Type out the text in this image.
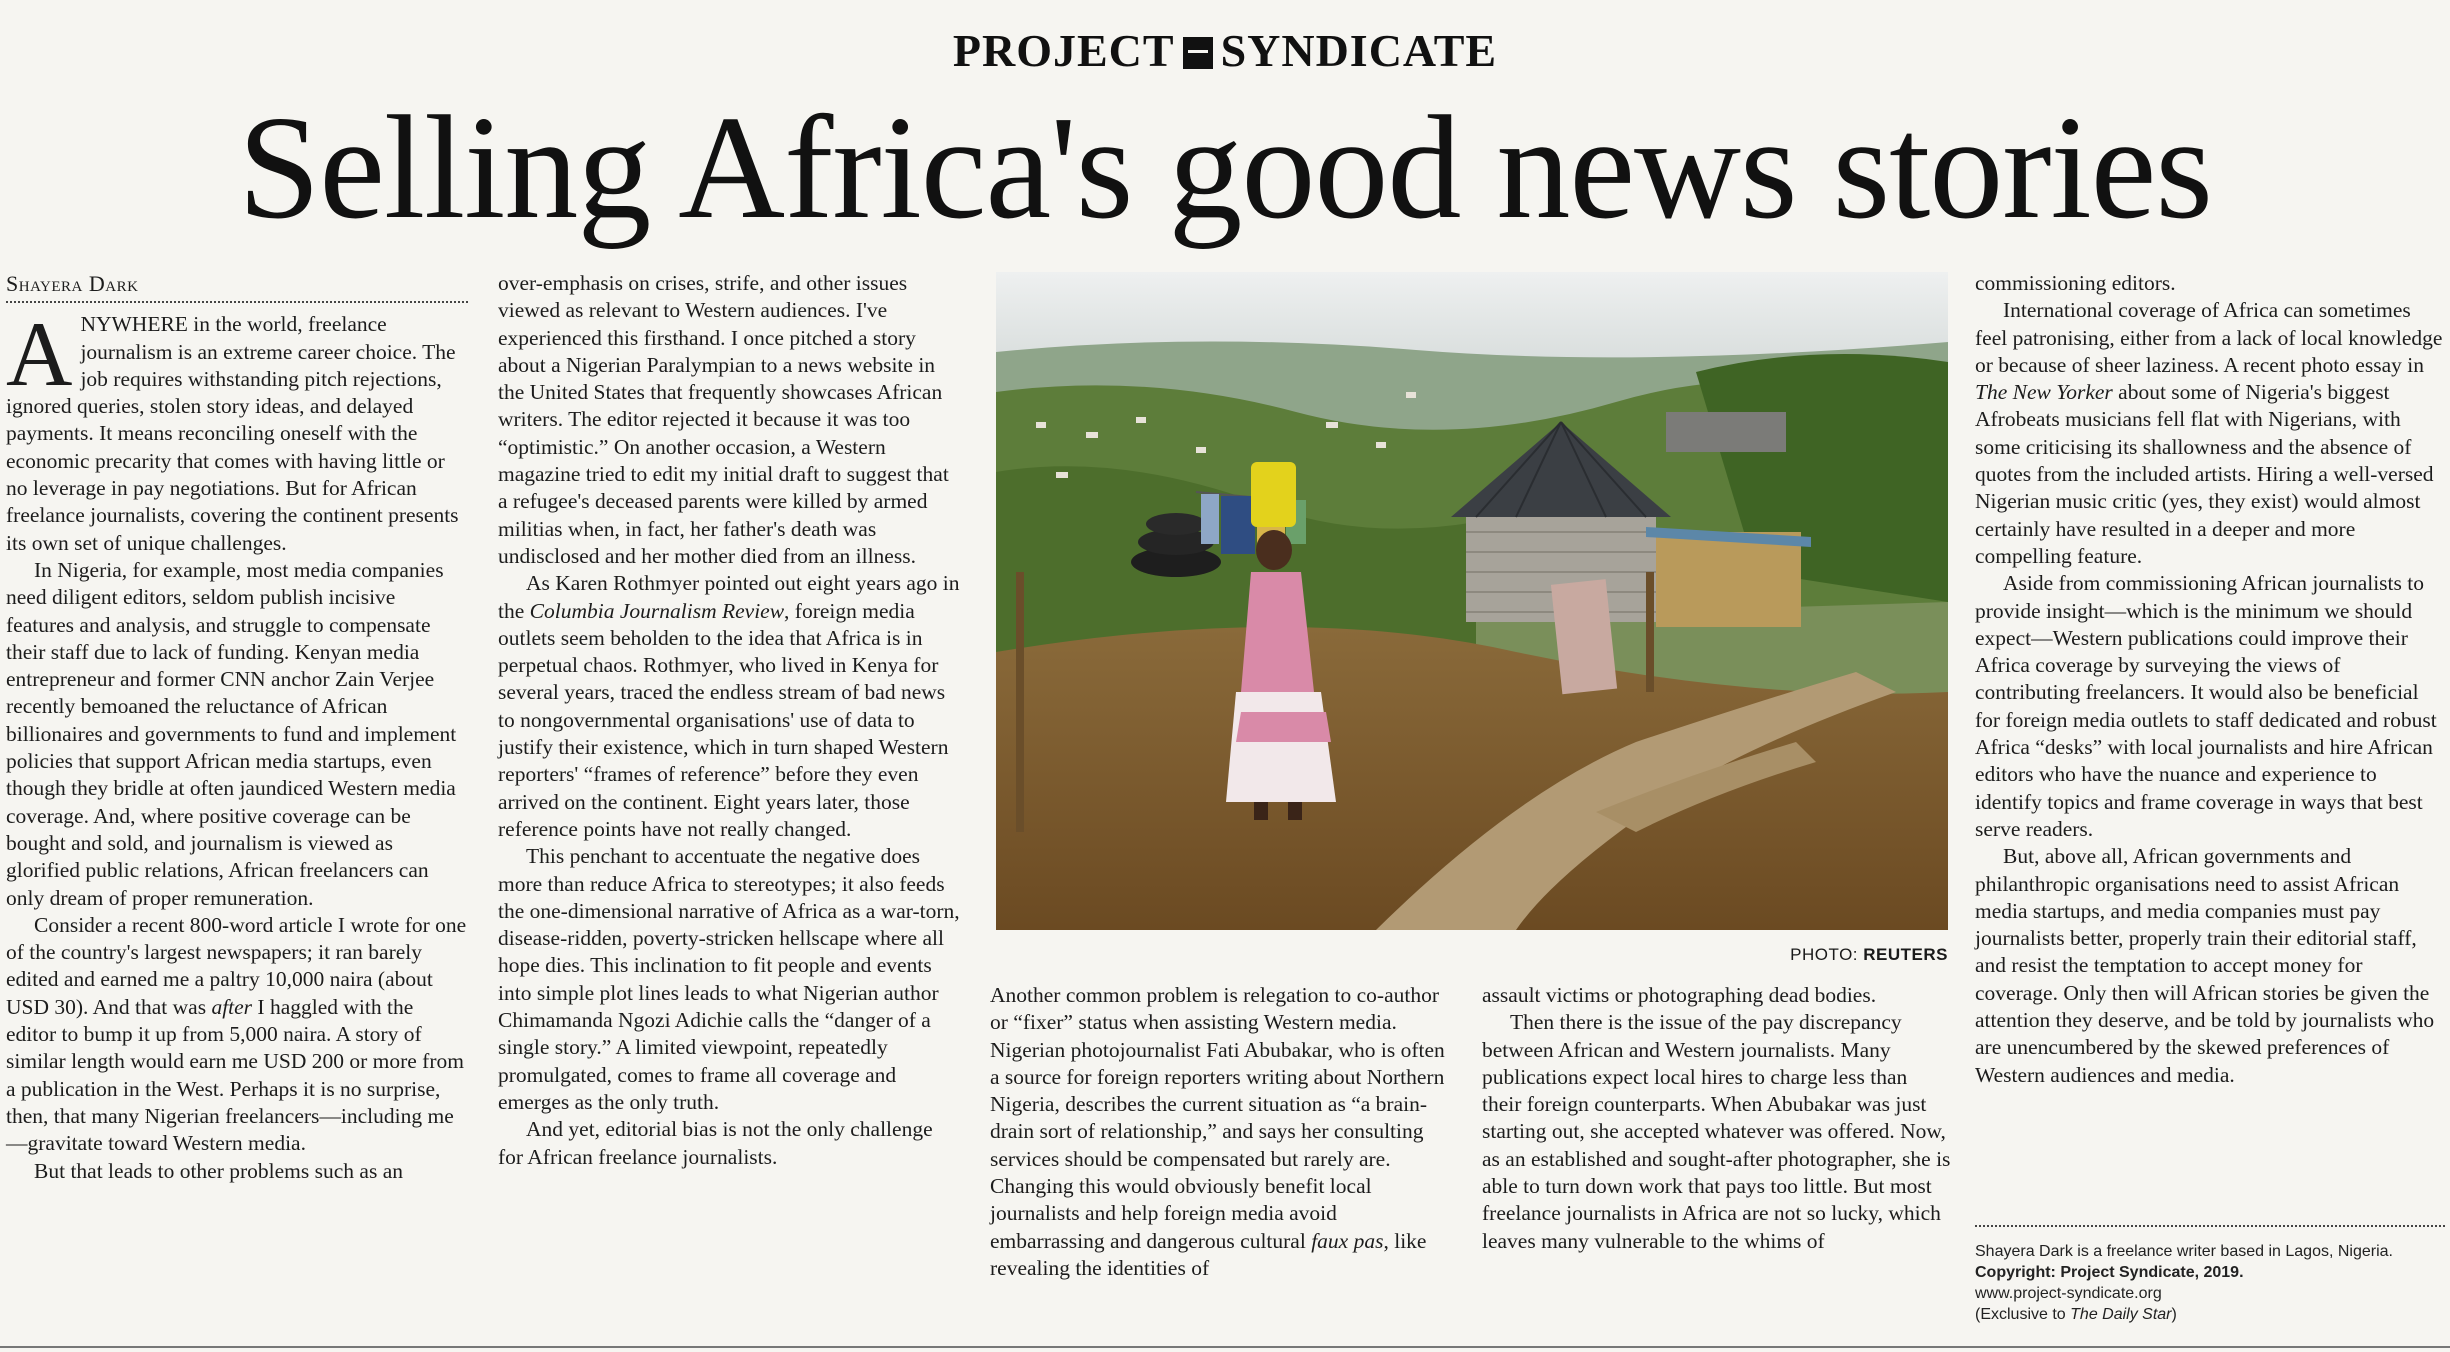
PROJECT SYNDICATE
Selling Africa's good news stories
Shayera Dark

ANYWHERE in the world, freelance journalism is an extreme career choice. The job requires withstanding pitch rejections, ignored queries, stolen story ideas, and delayed payments. It means reconciling oneself with the economic precarity that comes with having little or no leverage in pay negotiations. But for African freelance journalists, covering the continent presents its own set of unique challenges.

In Nigeria, for example, most media companies need diligent editors, seldom publish incisive features and analysis, and struggle to compensate their staff due to lack of funding. Kenyan media entrepreneur and former CNN anchor Zain Verjee recently bemoaned the reluctance of African billionaires and governments to fund and implement policies that support African media startups, even though they bridle at often jaundiced Western media coverage. And, where positive coverage can be bought and sold, and journalism is viewed as glorified public relations, African freelancers can only dream of proper remuneration.

Consider a recent 800-word article I wrote for one of the country's largest newspapers; it ran barely edited and earned me a paltry 10,000 naira (about USD 30). And that was after I haggled with the editor to bump it up from 5,000 naira. A story of similar length would earn me USD 200 or more from a publication in the West. Perhaps it is no surprise, then, that many Nigerian freelancers—including me—gravitate toward Western media.

But that leads to other problems such as an

over-emphasis on crises, strife, and other issues viewed as relevant to Western audiences. I've experienced this firsthand. I once pitched a story about a Nigerian Paralympian to a news website in the United States that frequently showcases African writers. The editor rejected it because it was too “optimistic.” On another occasion, a Western magazine tried to edit my initial draft to suggest that a refugee's deceased parents were killed by armed militias when, in fact, her father's death was undisclosed and her mother died from an illness.

As Karen Rothmyer pointed out eight years ago in the Columbia Journalism Review, foreign media outlets seem beholden to the idea that Africa is in perpetual chaos. Rothmyer, who lived in Kenya for several years, traced the endless stream of bad news to nongovernmental organisations' use of data to justify their existence, which in turn shaped Western reporters' “frames of reference” before they even arrived on the continent. Eight years later, those reference points have not really changed.

This penchant to accentuate the negative does more than reduce Africa to stereotypes; it also feeds the one-dimensional narrative of Africa as a war-torn, disease-ridden, poverty-stricken hellscape where all hope dies. This inclination to fit people and events into simple plot lines leads to what Nigerian author Chimamanda Ngozi Adichie calls the “danger of a single story.” A limited viewpoint, repeatedly promulgated, comes to frame all coverage and emerges as the only truth.

And yet, editorial bias is not the only challenge for African freelance journalists.

PHOTO: REUTERS

Another common problem is relegation to co-author or “fixer” status when assisting Western media. Nigerian photojournalist Fati Abubakar, who is often a source for foreign reporters writing about Northern Nigeria, describes the current situation as “a brain-drain sort of relationship,” and says her consulting services should be compensated but rarely are. Changing this would obviously benefit local journalists and help foreign media avoid embarrassing and dangerous cultural faux pas, like revealing the identities of

assault victims or photographing dead bodies.

Then there is the issue of the pay discrepancy between African and Western journalists. Many publications expect local hires to charge less than their foreign counterparts. When Abubakar was just starting out, she accepted whatever was offered. Now, as an established and sought-after photographer, she is able to turn down work that pays too little. But most freelance journalists in Africa are not so lucky, which leaves many vulnerable to the whims of

commissioning editors.

International coverage of Africa can sometimes feel patronising, either from a lack of local knowledge or because of sheer laziness. A recent photo essay in The New Yorker about some of Nigeria's biggest Afrobeats musicians fell flat with Nigerians, with some criticising its shallowness and the absence of quotes from the included artists. Hiring a well-versed Nigerian music critic (yes, they exist) would almost certainly have resulted in a deeper and more compelling feature.

Aside from commissioning African journalists to provide insight—which is the minimum we should expect—Western publications could improve their Africa coverage by surveying the views of contributing freelancers. It would also be beneficial for foreign media outlets to staff dedicated and robust Africa “desks” with local journalists and hire African editors who have the nuance and experience to identify topics and frame coverage in ways that best serve readers.

But, above all, African governments and philanthropic organisations need to assist African media startups, and media companies must pay journalists better, properly train their editorial staff, and resist the temptation to accept money for coverage. Only then will African stories be given the attention they deserve, and be told by journalists who are unencumbered by the skewed preferences of Western audiences and media.

Shayera Dark is a freelance writer based in Lagos, Nigeria.
Copyright: Project Syndicate, 2019.
www.project-syndicate.org
(Exclusive to The Daily Star)
